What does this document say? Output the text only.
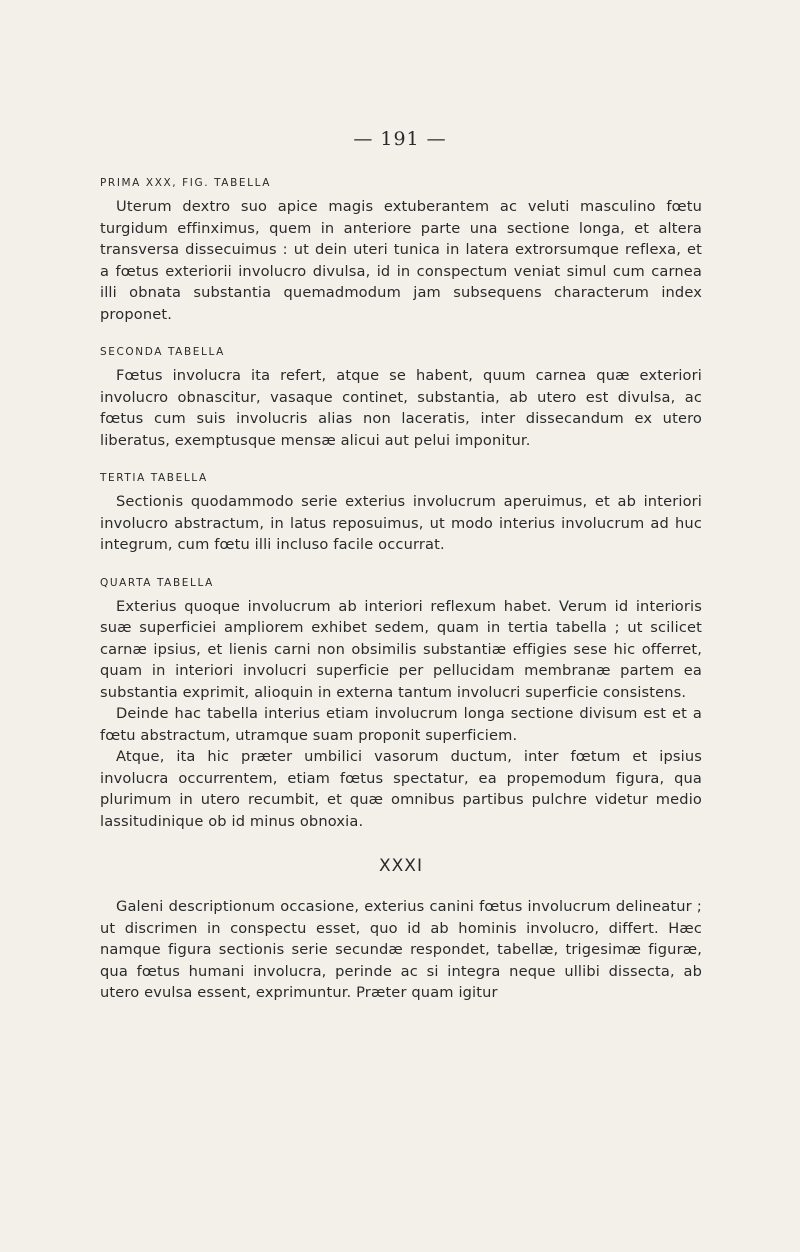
— 191 —
PRIMA XXX, FIG. TABELLA

Uterum dextro suo apice magis extuberantem ac veluti masculino fœtu turgidum effinximus, quem in anteriore parte una sectione longa, et altera transversa dissecuimus : ut dein uteri tunica in latera extrorsumque reflexa, et a fœtus exteriorii involucro divulsa, id in conspectum veniat simul cum carnea illi obnata substantia quemadmodum jam subsequens characterum index proponet.

SECONDA TABELLA

Fœtus involucra ita refert, atque se habent, quum carnea quæ exteriori involucro obnascitur, vasaque continet, substantia, ab utero est divulsa, ac fœtus cum suis involucris alias non laceratis, inter dissecandum ex utero liberatus, exemptusque mensæ alicui aut pelui imponitur.

TERTIA TABELLA

Sectionis quodammodo serie exterius involucrum aperuimus, et ab interiori involucro abstractum, in latus reposuimus, ut modo interius involucrum ad huc integrum, cum fœtu illi incluso facile occurrat.

QUARTA TABELLA

Exterius quoque involucrum ab interiori reflexum habet. Verum id interioris suæ superficiei ampliorem exhibet sedem, quam in tertia tabella ; ut scilicet carnæ ipsius, et lienis carni non obsimilis substantiæ effigies sese hic offerret, quam in interiori involucri superficie per pellucidam membranæ partem ea substantia exprimit, alioquin in externa tantum involucri superficie consistens.

Deinde hac tabella interius etiam involucrum longa sectione divisum est et a fœtu abstractum, utramque suam proponit superficiem.

Atque, ita hic præter umbilici vasorum ductum, inter fœtum et ipsius involucra occurrentem, etiam fœtus spectatur, ea propemodum figura, qua plurimum in utero recumbit, et quæ omnibus partibus pulchre videtur medio lassitudinique ob id minus obnoxia.

XXXI

Galeni descriptionum occasione, exterius canini fœtus involucrum delineatur ; ut discrimen in conspectu esset, quo id ab hominis involucro, differt. Hæc namque figura sectionis serie secundæ respondet, tabellæ, trigesimæ figuræ, qua fœtus humani involucra, perinde ac si integra neque ullibi dissecta, ab utero evulsa essent, exprimuntur. Præter quam igitur
